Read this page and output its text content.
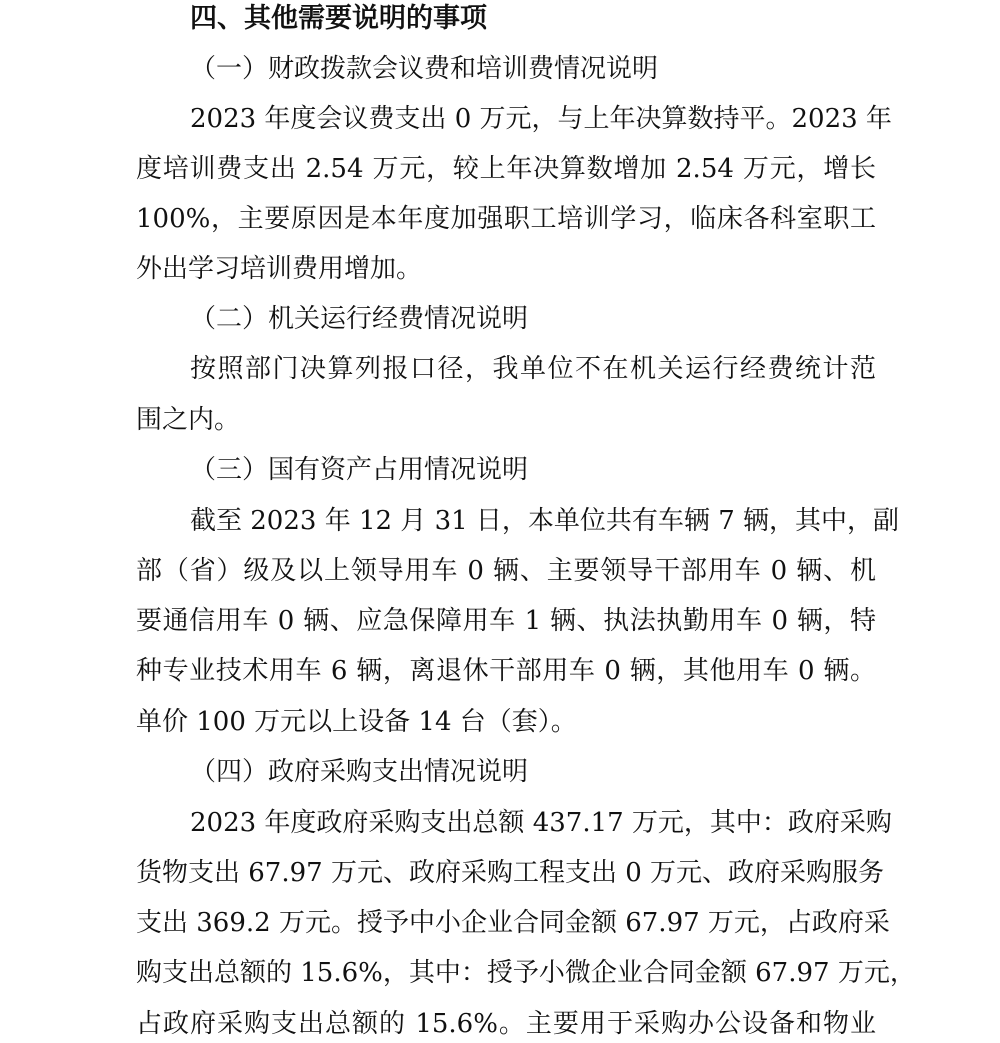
四、其他需要说明的事项
（一）财政拨款会议费和培训费情况说明
2023 年度会议费支出 0 万元，与上年决算数持平。2023 年
度培训费支出 2.54 万元，较上年决算数增加 2.54 万元，增长
100%，主要原因是本年度加强职工培训学习，临床各科室职工
外出学习培训费用增加。
（二）机关运行经费情况说明
按照部门决算列报口径，我单位不在机关运行经费统计范
围之内。
（三）国有资产占用情况说明
截至 2023 年 12 月 31 日，本单位共有车辆 7 辆，其中，副
部（省）级及以上领导用车 0 辆、主要领导干部用车 0 辆、机
要通信用车 0 辆、应急保障用车 1 辆、执法执勤用车 0 辆，特
种专业技术用车 6 辆，离退休干部用车 0 辆，其他用车 0 辆。
单价 100 万元以上设备 14 台（套）。
（四）政府采购支出情况说明
2023 年度政府采购支出总额 437.17 万元，其中：政府采购
货物支出 67.97 万元、政府采购工程支出 0 万元、政府采购服务
支出 369.2 万元。授予中小企业合同金额 67.97 万元，占政府采
购支出总额的 15.6%，其中：授予小微企业合同金额 67.97 万元，
占政府采购支出总额的 15.6%。主要用于采购办公设备和物业
